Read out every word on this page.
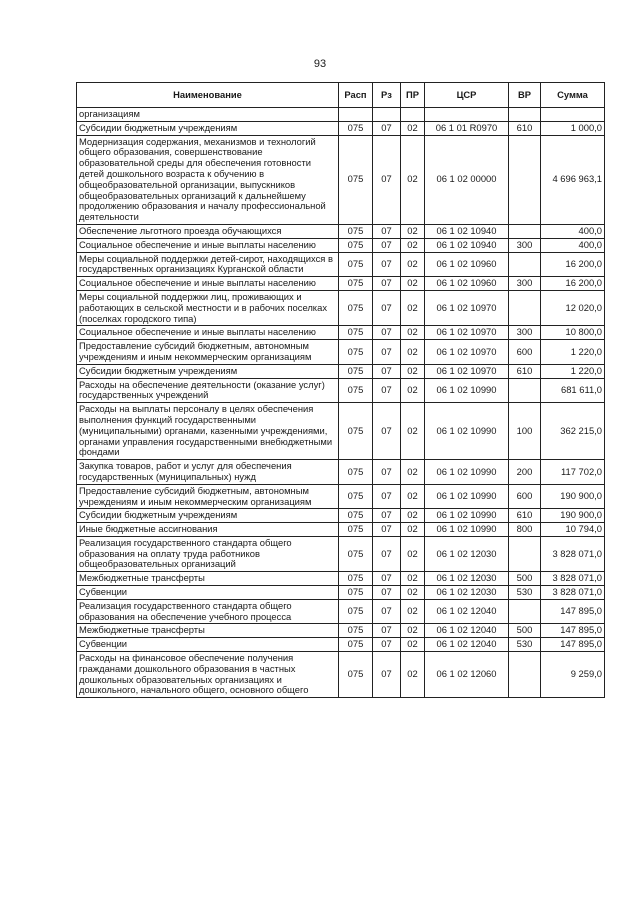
93
Наименование	Расп	Рз	ПР	ЦСР	ВР	Сумма
организациям						
Субсидии бюджетным учреждениям	075	07	02	06 1 01 R0970	610	1 000,0
Модернизация содержания, механизмов и технологий общего образования, совершенствование образовательной среды для обеспечения готовности детей дошкольного возраста к обучению в общеобразовательной организации, выпускников общеобразовательных организаций к дальнейшему продолжению образования и началу профессиональной деятельности	075	07	02	06 1 02 00000		4 696 963,1
Обеспечение льготного проезда обучающихся	075	07	02	06 1 02 10940		400,0
Социальное обеспечение и иные выплаты населению	075	07	02	06 1 02 10940	300	400,0
Меры социальной поддержки детей-сирот, находящихся в государственных организациях Курганской области	075	07	02	06 1 02 10960		16 200,0
Социальное обеспечение и иные выплаты населению	075	07	02	06 1 02 10960	300	16 200,0
Меры социальной поддержки лиц, проживающих и работающих в сельской местности и в рабочих поселках (поселках городского типа)	075	07	02	06 1 02 10970		12 020,0
Социальное обеспечение и иные выплаты населению	075	07	02	06 1 02 10970	300	10 800,0
Предоставление субсидий бюджетным, автономным учреждениям и иным некоммерческим организациям	075	07	02	06 1 02 10970	600	1 220,0
Субсидии бюджетным учреждениям	075	07	02	06 1 02 10970	610	1 220,0
Расходы на обеспечение деятельности (оказание услуг) государственных учреждений	075	07	02	06 1 02 10990		681 611,0
Расходы на выплаты персоналу в целях обеспечения выполнения функций государственными (муниципальными) органами, казенными учреждениями, органами управления государственными внебюджетными фондами	075	07	02	06 1 02 10990	100	362 215,0
Закупка товаров, работ и услуг для обеспечения государственных (муниципальных) нужд	075	07	02	06 1 02 10990	200	117 702,0
Предоставление субсидий бюджетным, автономным учреждениям и иным некоммерческим организациям	075	07	02	06 1 02 10990	600	190 900,0
Субсидии бюджетным учреждениям	075	07	02	06 1 02 10990	610	190 900,0
Иные бюджетные ассигнования	075	07	02	06 1 02 10990	800	10 794,0
Реализация государственного стандарта общего образования на оплату труда работников общеобразовательных организаций	075	07	02	06 1 02 12030		3 828 071,0
Межбюджетные трансферты	075	07	02	06 1 02 12030	500	3 828 071,0
Субвенции	075	07	02	06 1 02 12030	530	3 828 071,0
Реализация государственного стандарта общего образования на обеспечение учебного процесса	075	07	02	06 1 02 12040		147 895,0
Межбюджетные трансферты	075	07	02	06 1 02 12040	500	147 895,0
Субвенции	075	07	02	06 1 02 12040	530	147 895,0
Расходы на финансовое обеспечение получения гражданами дошкольного образования в частных дошкольных образовательных организациях и дошкольного, начального общего, основного общего	075	07	02	06 1 02 12060		9 259,0
